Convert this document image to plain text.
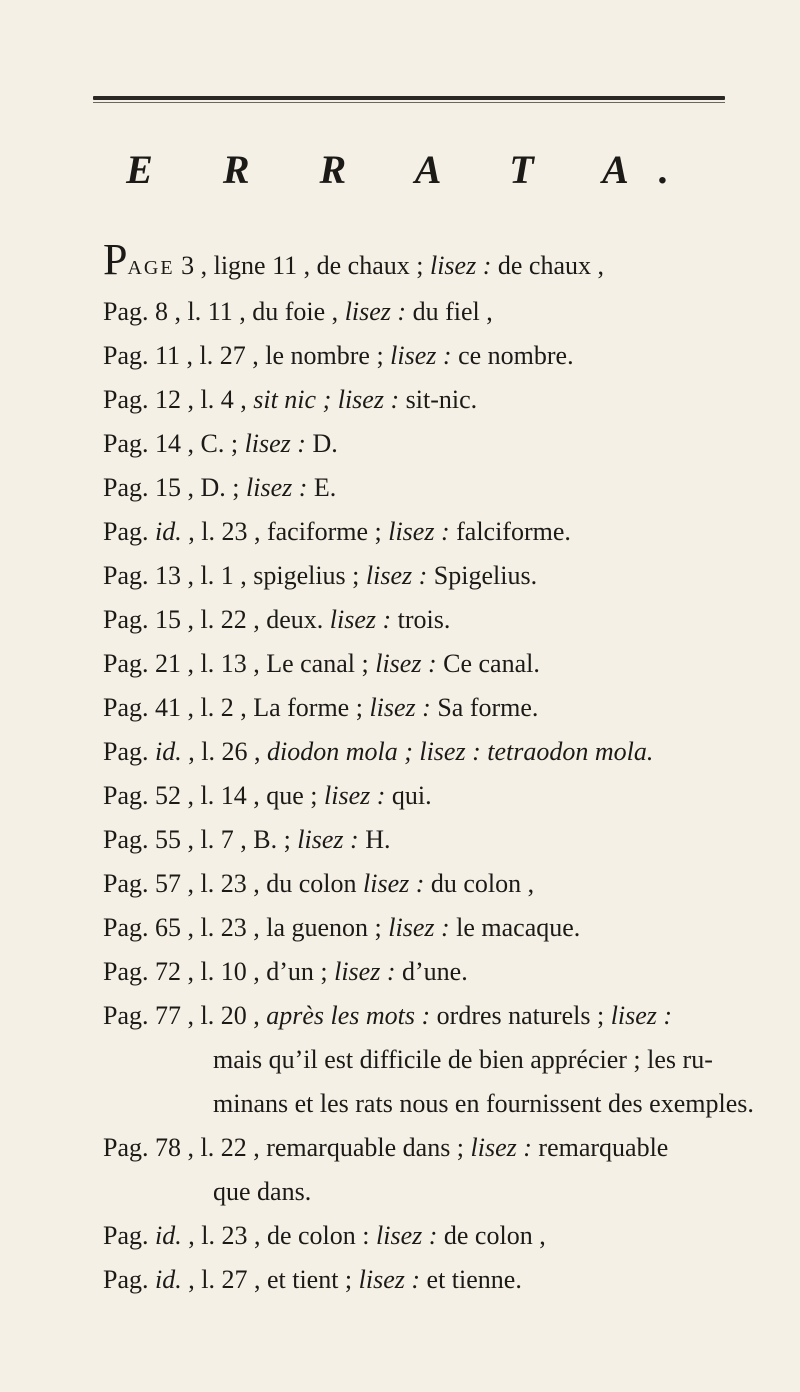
E R R A T A.
PAGE 3 , ligne 11 , de chaux ; lisez : de chaux ,
Pag. 8 , l. 11 , du foie , lisez : du fiel ,
Pag. 11 , l. 27 , le nombre ; lisez : ce nombre.
Pag. 12 , l. 4 , sit nic ; lisez : sit-nic.
Pag. 14 , C. ; lisez : D.
Pag. 15 , D. ; lisez : E.
Pag. id. , l. 23 , faciforme ; lisez : falciforme.
Pag. 13 , l. 1 , spigelius ; lisez : Spigelius.
Pag. 15 , l. 22 , deux. lisez : trois.
Pag. 21 , l. 13 , Le canal ; lisez : Ce canal.
Pag. 41 , l. 2 , La forme ; lisez : Sa forme.
Pag. id. , l. 26 , diodon mola ; lisez : tetraodon mola.
Pag. 52 , l. 14 , que ; lisez : qui.
Pag. 55 , l. 7 , B. ; lisez : H.
Pag. 57 , l. 23 , du colon lisez : du colon ,
Pag. 65 , l. 23 , la guenon ; lisez : le macaque.
Pag. 72 , l. 10 , d’un ; lisez : d’une.
Pag. 77 , l. 20 , après les mots : ordres naturels ; lisez :
mais qu’il est difficile de bien apprécier ; les ru-
minans et les rats nous en fournissent des exemples.
Pag. 78 , l. 22 , remarquable dans ; lisez : remarquable
que dans.
Pag. id. , l. 23 , de colon : lisez : de colon ,
Pag. id. , l. 27 , et tient ; lisez : et tienne.
